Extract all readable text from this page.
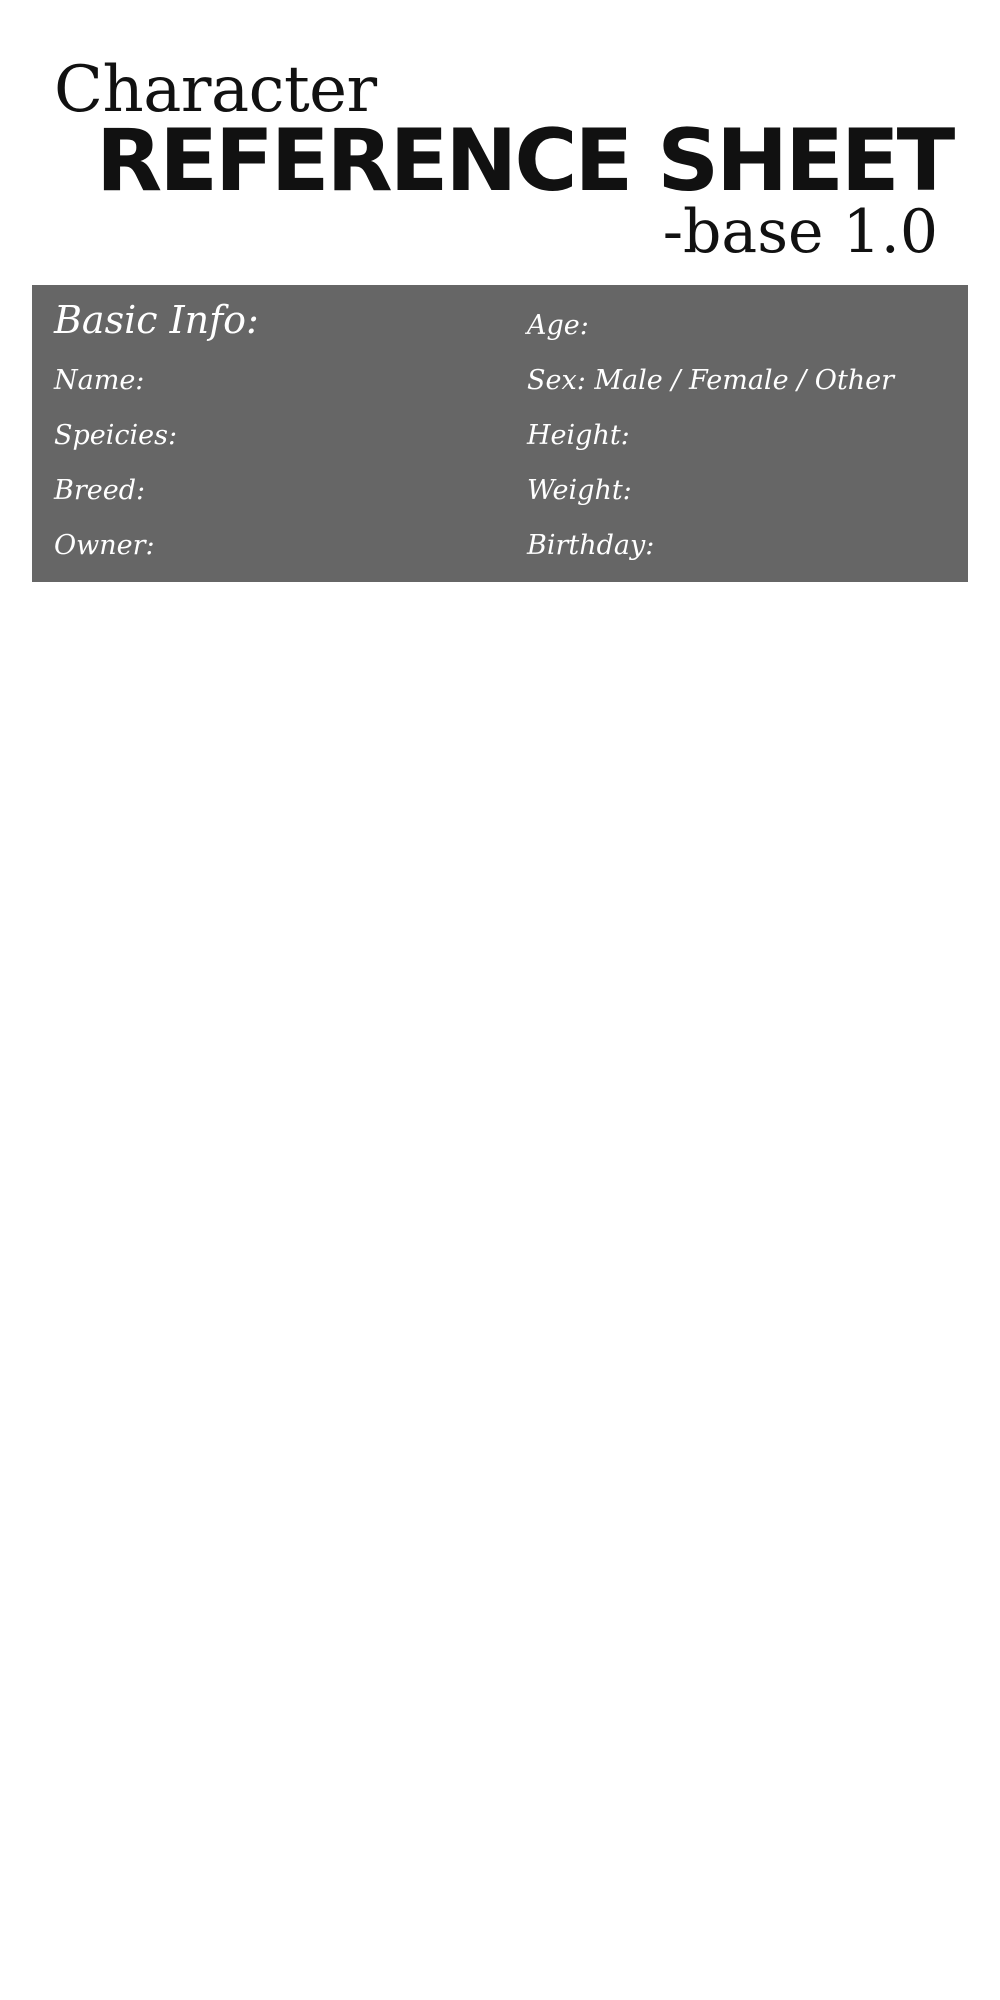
Character
REFERENCE SHEET
-base 1.0
Basic Info:
Name:
Speicies:
Breed:
Owner:
Age:
Sex: Male / Female / Other
Height:
Weight:
Birthday:
